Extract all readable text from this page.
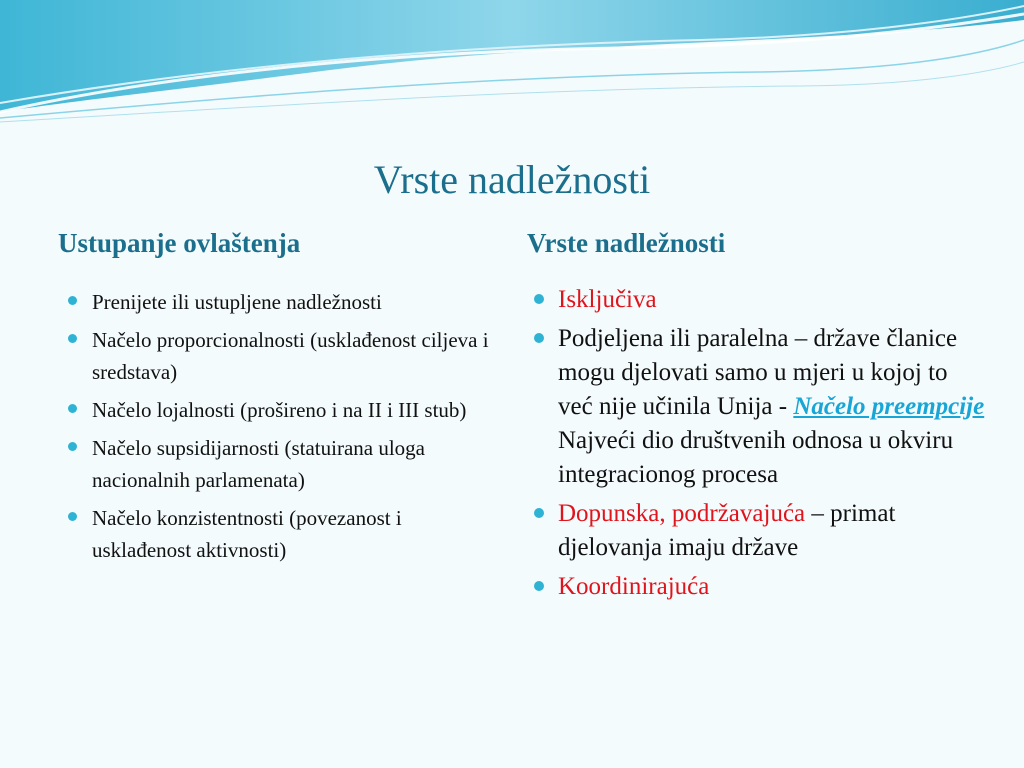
Vrste nadležnosti
Ustupanje ovlaštenja	Vrste nadležnosti
Prenijete ili ustupljene nadležnosti
Načelo proporcionalnosti (usklađenost ciljeva i sredstava)
Načelo lojalnosti (prošireno i na II i III stub)
Načelo supsidijarnosti (statuirana uloga nacionalnih parlamenata)
Načelo konzistentnosti (povezanost i usklađenost aktivnosti)
Isključiva
Podjeljena ili paralelna – države članice mogu djelovati samo u mjeri u kojoj to već nije učinila Unija - Načelo preempcije  Najveći dio društvenih odnosa u okviru integracionog procesa
Dopunska, podržavajuća – primat djelovanja imaju države
Koordinirajuća
